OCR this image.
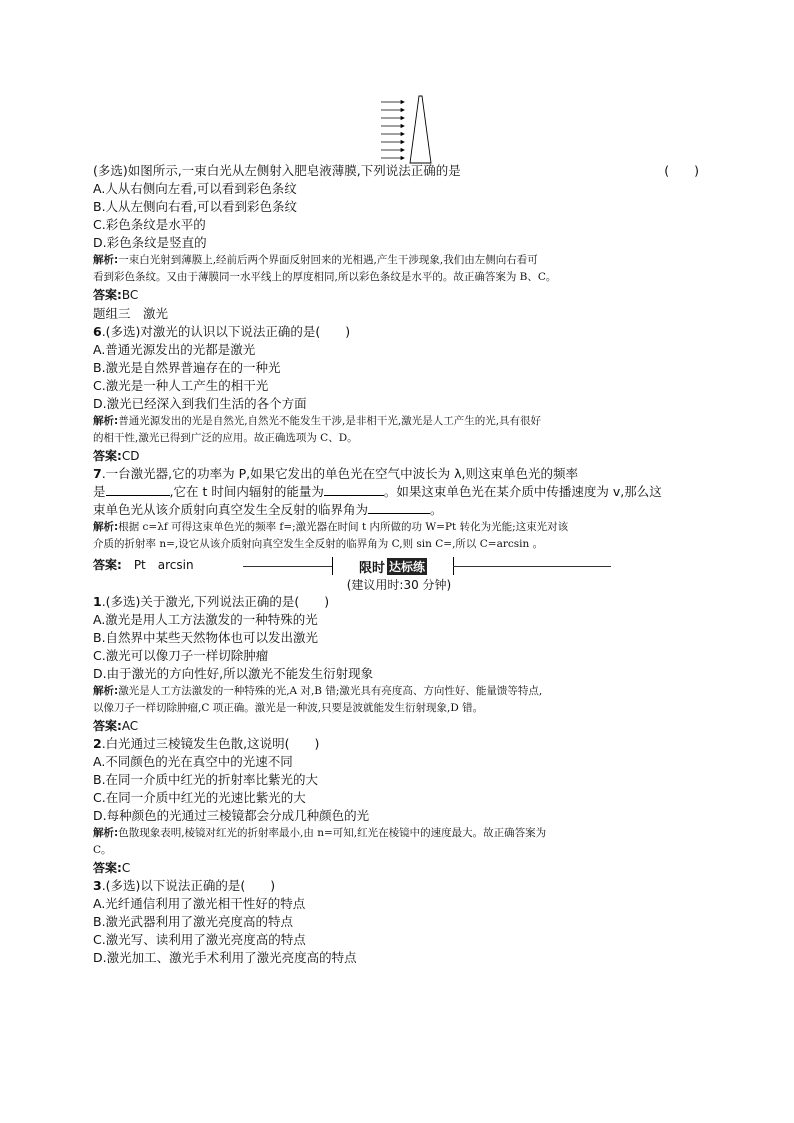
(多选)如图所示,一束白光从左侧射入肥皂液薄膜,下列说法正确的是	(　　)
A.人从右侧向左看,可以看到彩色条纹
B.人从左侧向右看,可以看到彩色条纹
C.彩色条纹是水平的
D.彩色条纹是竖直的
解析:一束白光射到薄膜上,经前后两个界面反射回来的光相遇,产生干涉现象,我们由左侧向右看可
看到彩色条纹。又由于薄膜同一水平线上的厚度相同,所以彩色条纹是水平的。故正确答案为 B、C。
答案:BC
题组三　激光
6.(多选)对激光的认识以下说法正确的是(　　)
A.普通光源发出的光都是激光
B.激光是自然界普遍存在的一种光
C.激光是一种人工产生的相干光
D.激光已经深入到我们生活的各个方面
解析:普通光源发出的光是自然光,自然光不能发生干涉,是非相干光,激光是人工产生的光,具有很好
的相干性,激光已得到广泛的应用。故正确选项为 C、D。
答案:CD
7.一台激光器,它的功率为 P,如果它发出的单色光在空气中波长为 λ,则这束单色光的频率
是	,它在 t 时间内辐射的能量为	。如果这束单色光在某介质中传播速度为 v,那么这
束单色光从该介质射向真空发生全反射的临界角为	。
解析:根据 c=λf 可得这束单色光的频率 f=;激光器在时间 t 内所做的功 W=Pt 转化为光能;这束光对该
介质的折射率 n=,设它从该介质射向真空发生全反射的临界角为 C,则 sin C=,所以 C=arcsin 。
答案:　Pt　arcsin	限时 达标练
(建议用时:30 分钟)
1.(多选)关于激光,下列说法正确的是(　　)
A.激光是用人工方法激发的一种特殊的光
B.自然界中某些天然物体也可以发出激光
C.激光可以像刀子一样切除肿瘤
D.由于激光的方向性好,所以激光不能发生衍射现象
解析:激光是人工方法激发的一种特殊的光,A 对,B 错;激光具有亮度高、方向性好、能量馈等特点,
以像刀子一样切除肿瘤,C 项正确。激光是一种波,只要是波就能发生衍射现象,D 错。
答案:AC
2.白光通过三棱镜发生色散,这说明(　　)
A.不同颜色的光在真空中的光速不同
B.在同一介质中红光的折射率比紫光的大
C.在同一介质中红光的光速比紫光的大
D.每种颜色的光通过三棱镜都会分成几种颜色的光
解析:色散现象表明,棱镜对红光的折射率最小,由 n=可知,红光在棱镜中的速度最大。故正确答案为
C。
答案:C
3.(多选)以下说法正确的是(　　)
A.光纤通信利用了激光相干性好的特点
B.激光武器利用了激光亮度高的特点
C.激光写、读利用了激光亮度高的特点
D.激光加工、激光手术利用了激光亮度高的特点
